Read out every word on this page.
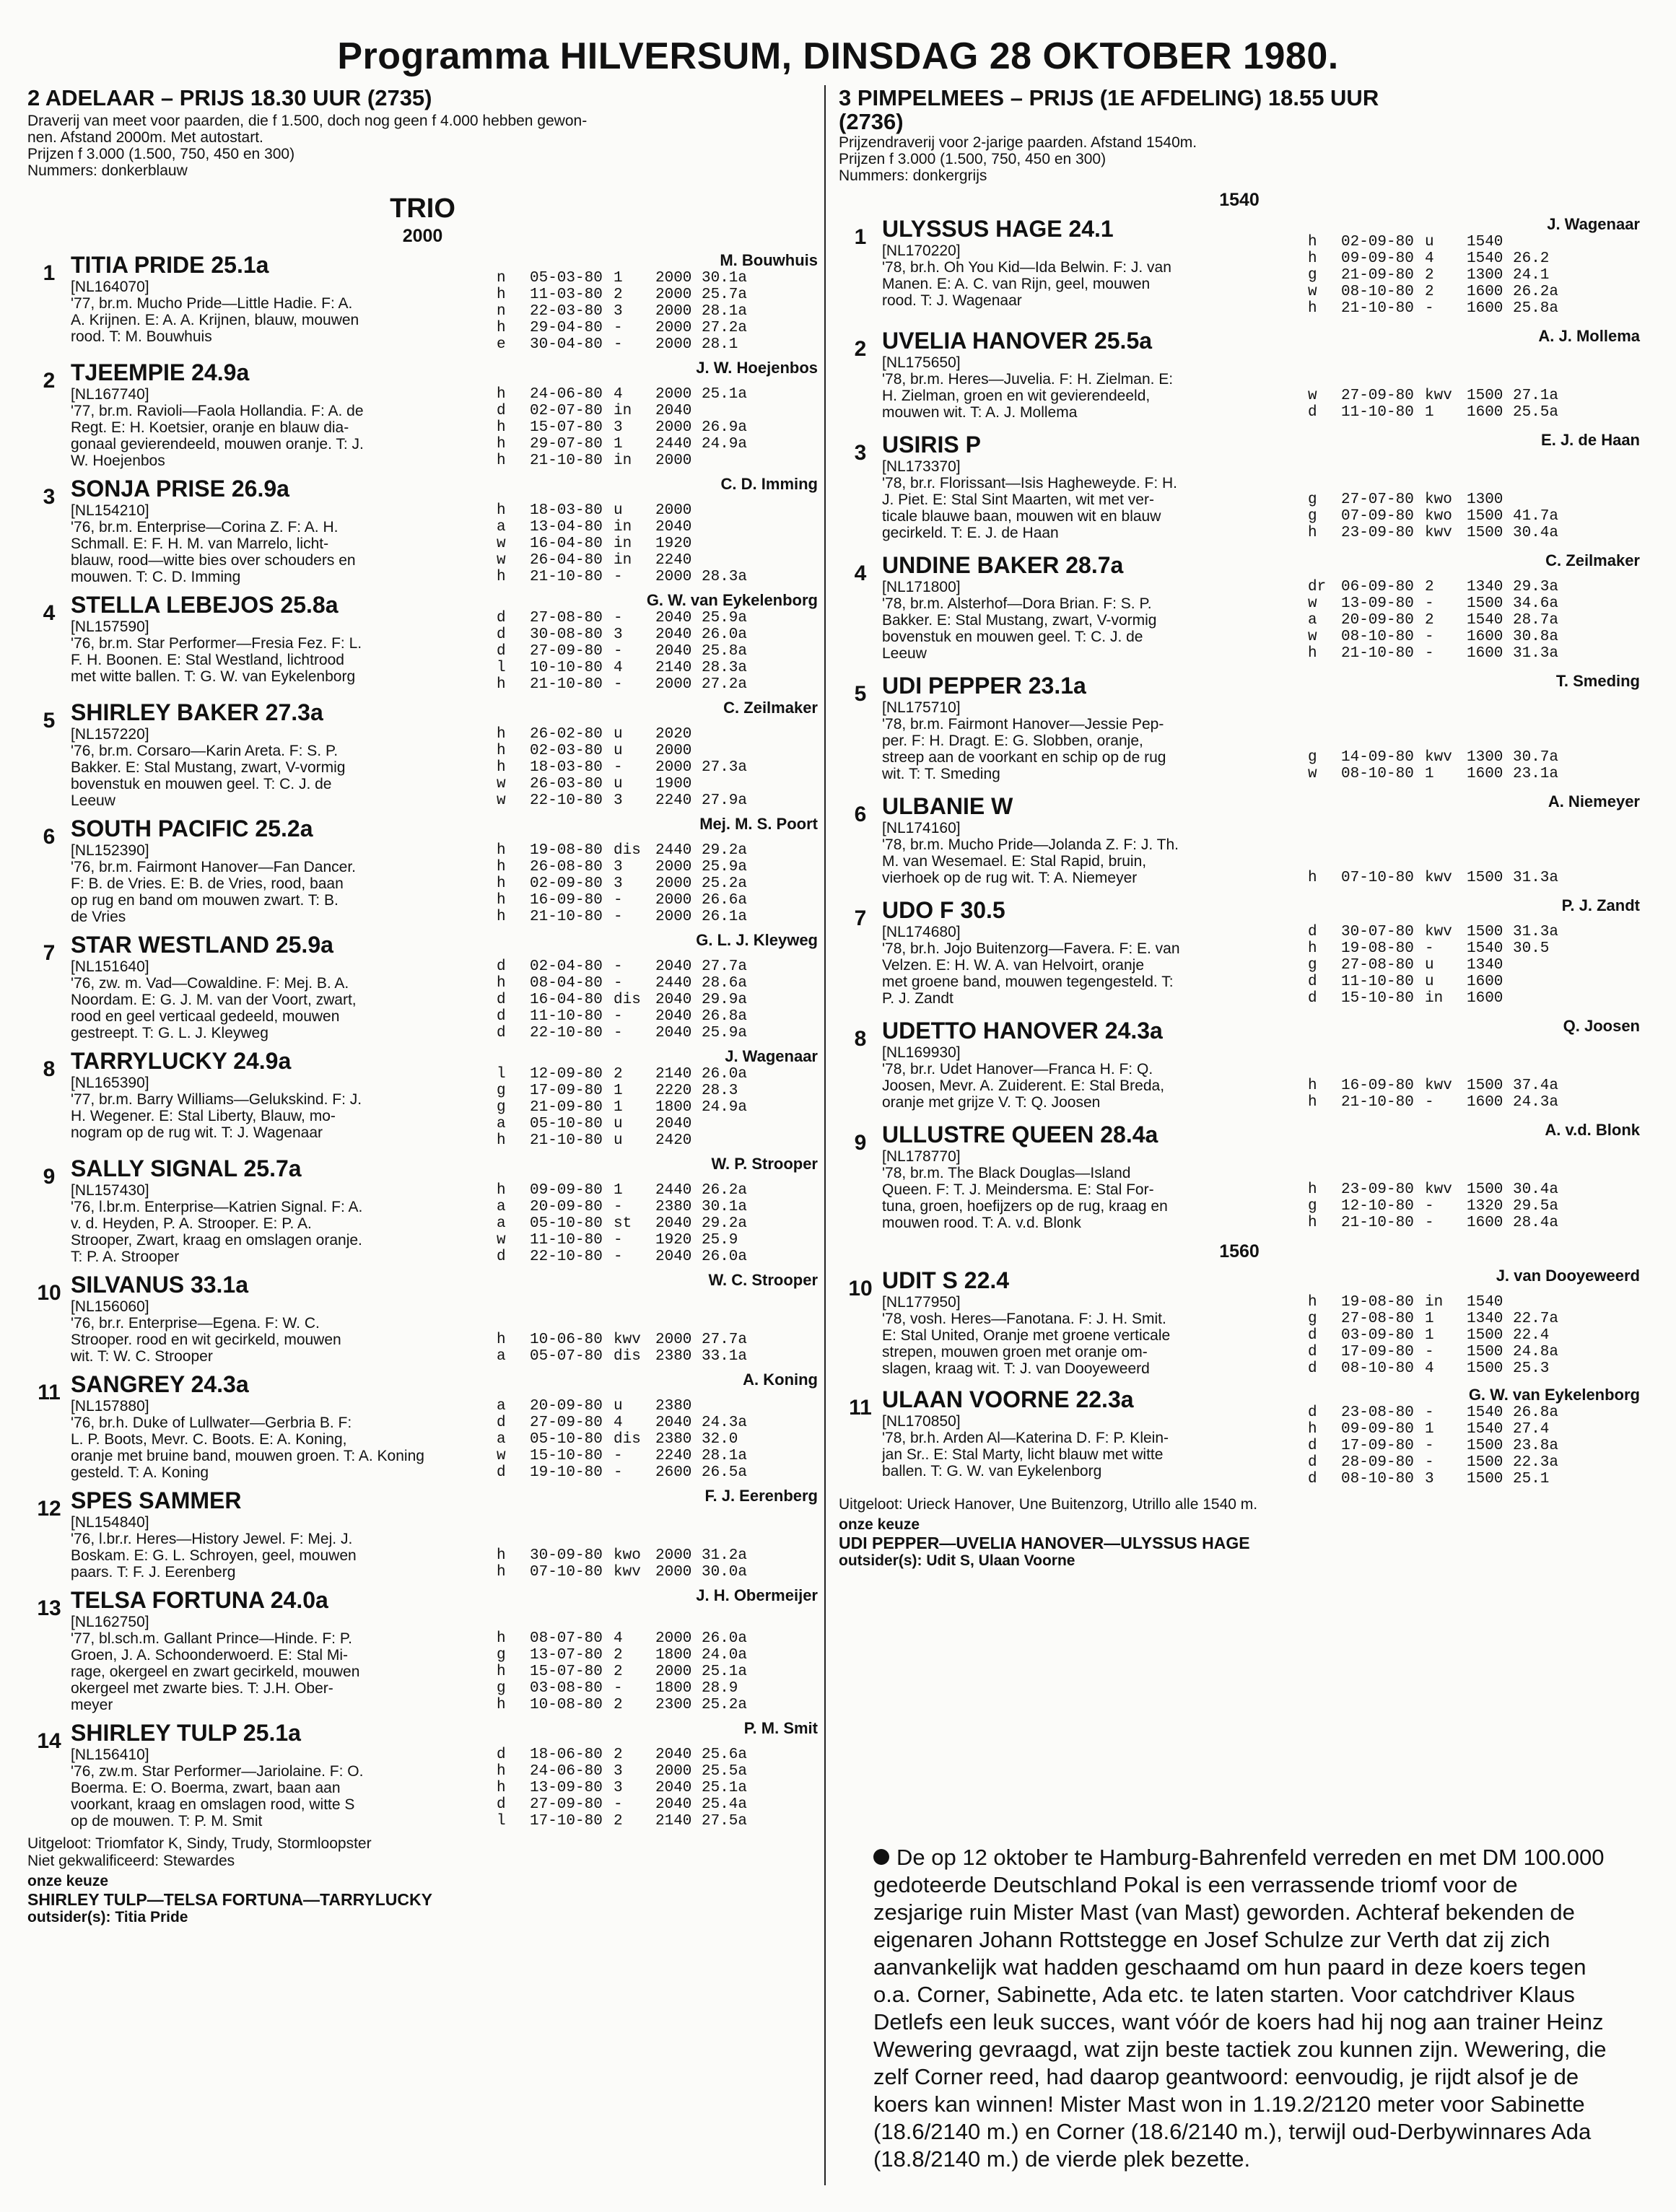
Programma HILVERSUM, DINSDAG 28 OKTOBER 1980.
2 ADELAAR – PRIJS 18.30 UUR (2735)
Draverij van meet voor paarden, die f 1.500, doch nog geen f 4.000 hebben gewon-
nen. Afstand 2000m. Met autostart.
Prijzen f 3.000 (1.500, 750, 450 en 300)
Nummers: donkerblauw
TRIO
2000
1 TITIA PRIDE 25.1a
[NL164070]
'77, br.m. Mucho Pride—Little Hadie. F: A.
A. Krijnen. E: A. A. Krijnen, blauw, mouwen
rood. T: M. Bouwhuis
M. Bouwhuis
n	05-03-80	1	2000	30.1a
h	11-03-80	2	2000	25.7a
n	22-03-80	3	2000	28.1a
h	29-04-80	-	2000	27.2a
e	30-04-80	-	2000	28.1
2 TJEEMPIE 24.9a
[NL167740]
'77, br.m. Ravioli—Faola Hollandia. F: A. de
Regt. E: H. Koetsier, oranje en blauw dia-
gonaal gevierendeeld, mouwen oranje. T: J.
W. Hoejenbos
J. W. Hoejenbos
h	24-06-80	4	2000	25.1a
d	02-07-80	in	2040	
h	15-07-80	3	2000	26.9a
h	29-07-80	1	2440	24.9a
h	21-10-80	in	2000	
3 SONJA PRISE 26.9a
[NL154210]
'76, br.m. Enterprise—Corina Z. F: A. H.
Schmall. E: F. H. M. van Marrelo, licht-
blauw, rood—witte bies over schouders en
mouwen. T: C. D. Imming
C. D. Imming
h	18-03-80	u	2000	
a	13-04-80	in	2040	
w	16-04-80	in	1920	
w	26-04-80	in	2240	
h	21-10-80	-	2000	28.3a
4 STELLA LEBEJOS 25.8a
[NL157590]
'76, br.m. Star Performer—Fresia Fez. F: L.
F. H. Boonen. E: Stal Westland, lichtrood
met witte ballen. T: G. W. van Eykelenborg
G. W. van Eykelenborg
d	27-08-80	-	2040	25.9a
d	30-08-80	3	2040	26.0a
d	27-09-80	-	2040	25.8a
l	10-10-80	4	2140	28.3a
h	21-10-80	-	2000	27.2a
5 SHIRLEY BAKER 27.3a
[NL157220]
'76, br.m. Corsaro—Karin Areta. F: S. P.
Bakker. E: Stal Mustang, zwart, V-vormig
bovenstuk en mouwen geel. T: C. J. de
Leeuw
C. Zeilmaker
h	26-02-80	u	2020	
h	02-03-80	u	2000	
h	18-03-80	-	2000	27.3a
w	26-03-80	u	1900	
w	22-10-80	3	2240	27.9a
6 SOUTH PACIFIC 25.2a
[NL152390]
'76, br.m. Fairmont Hanover—Fan Dancer.
F: B. de Vries. E: B. de Vries, rood, baan
op rug en band om mouwen zwart. T: B.
de Vries
Mej. M. S. Poort
h	19-08-80	dis	2440	29.2a
h	26-08-80	3	2000	25.9a
h	02-09-80	3	2000	25.2a
h	16-09-80	-	2000	26.6a
h	21-10-80	-	2000	26.1a
7 STAR WESTLAND 25.9a
[NL151640]
'76, zw. m. Vad—Cowaldine. F: Mej. B. A.
Noordam. E: G. J. M. van der Voort, zwart,
rood en geel verticaal gedeeld, mouwen
gestreept. T: G. L. J. Kleyweg
G. L. J. Kleyweg
d	02-04-80	-	2040	27.7a
h	08-04-80	-	2440	28.6a
d	16-04-80	dis	2040	29.9a
d	11-10-80	-	2040	26.8a
d	22-10-80	-	2040	25.9a
8 TARRYLUCKY 24.9a
[NL165390]
'77, br.m. Barry Williams—Gelukskind. F: J.
H. Wegener. E: Stal Liberty, Blauw, mo-
nogram op de rug wit. T: J. Wagenaar
J. Wagenaar
l	12-09-80	2	2140	26.0a
g	17-09-80	1	2220	28.3
g	21-09-80	1	1800	24.9a
a	05-10-80	u	2040	
h	21-10-80	u	2420	
9 SALLY SIGNAL 25.7a
[NL157430]
'76, l.br.m. Enterprise—Katrien Signal. F: A.
v. d. Heyden, P. A. Strooper. E: P. A.
Strooper, Zwart, kraag en omslagen oranje.
T: P. A. Strooper
W. P. Strooper
h	09-09-80	1	2440	26.2a
a	20-09-80	-	2380	30.1a
a	05-10-80	st	2040	29.2a
w	11-10-80	-	1920	25.9
d	22-10-80	-	2040	26.0a
10 SILVANUS 33.1a
[NL156060]
'76, br.r. Enterprise—Egena. F: W. C.
Strooper. rood en wit gecirkeld, mouwen
wit. T: W. C. Strooper
W. C. Strooper
h	10-06-80	kwv	2000	27.7a
a	05-07-80	dis	2380	33.1a
11 SANGREY 24.3a
[NL157880]
'76, br.h. Duke of Lullwater—Gerbria B. F:
L. P. Boots, Mevr. C. Boots. E: A. Koning,
oranje met bruine band, mouwen groen. T: A. Koning
gesteld. T: A. Koning
A. Koning
a	20-09-80	u	2380	
d	27-09-80	4	2040	24.3a
a	05-10-80	dis	2380	32.0
w	15-10-80	-	2240	28.1a
d	19-10-80	-	2600	26.5a
12 SPES SAMMER
[NL154840]
'76, l.br.r. Heres—History Jewel. F: Mej. J.
Boskam. E: G. L. Schroyen, geel, mouwen
paars. T: F. J. Eerenberg
F. J. Eerenberg
h	30-09-80	kwo	2000	31.2a
h	07-10-80	kwv	2000	30.0a
13 TELSA FORTUNA 24.0a
[NL162750]
'77, bl.sch.m. Gallant Prince—Hinde. F: P.
Groen, J. A. Schoonderwoerd. E: Stal Mi-
rage, okergeel en zwart gecirkeld, mouwen
okergeel met zwarte bies. T: J.H. Ober-
meyer
J. H. Obermeijer
h	08-07-80	4	2000	26.0a
g	13-07-80	2	1800	24.0a
h	15-07-80	2	2000	25.1a
g	03-08-80	-	1800	28.9
h	10-08-80	2	2300	25.2a
14 SHIRLEY TULP 25.1a
[NL156410]
'76, zw.m. Star Performer—Jariolaine. F: O.
Boerma. E: O. Boerma, zwart, baan aan
voorkant, kraag en omslagen rood, witte S
op de mouwen. T: P. M. Smit
P. M. Smit
d	18-06-80	2	2040	25.6a
h	24-06-80	3	2000	25.5a
h	13-09-80	3	2040	25.1a
d	27-09-80	-	2040	25.4a
l	17-10-80	2	2140	27.5a
Uitgeloot: Triomfator K, Sindy, Trudy, Stormloopster
Niet gekwalificeerd: Stewardes
onze keuze
SHIRLEY TULP—TELSA FORTUNA—TARRYLUCKY
outsider(s): Titia Pride
3 PIMPELMEES – PRIJS (1E AFDELING) 18.55 UUR
(2736)
Prijzendraverij voor 2-jarige paarden. Afstand 1540m.
Prijzen f 3.000 (1.500, 750, 450 en 300)
Nummers: donkergrijs
1540
1 ULYSSUS HAGE 24.1
[NL170220]
'78, br.h. Oh You Kid—Ida Belwin. F: J. van
Manen. E: A. C. van Rijn, geel, mouwen
rood. T: J. Wagenaar
J. Wagenaar
h	02-09-80	u	1540	
h	09-09-80	4	1540	26.2
g	21-09-80	2	1300	24.1
w	08-10-80	2	1600	26.2a
h	21-10-80	-	1600	25.8a
2 UVELIA HANOVER 25.5a
[NL175650]
'78, br.m. Heres—Juvelia. F: H. Zielman. E:
H. Zielman, groen en wit gevierendeeld,
mouwen wit. T: A. J. Mollema
A. J. Mollema
w	27-09-80	kwv	1500	27.1a
d	11-10-80	1	1600	25.5a
3 USIRIS P
[NL173370]
'78, br.r. Florissant—Isis Hagheweyde. F: H.
J. Piet. E: Stal Sint Maarten, wit met ver-
ticale blauwe baan, mouwen wit en blauw
gecirkeld. T: E. J. de Haan
E. J. de Haan
g	27-07-80	kwo	1300	
g	07-09-80	kwo	1500	41.7a
h	23-09-80	kwv	1500	30.4a
4 UNDINE BAKER 28.7a
[NL171800]
'78, br.m. Alsterhof—Dora Brian. F: S. P.
Bakker. E: Stal Mustang, zwart, V-vormig
bovenstuk en mouwen geel. T: C. J. de
Leeuw
C. Zeilmaker
dr	06-09-80	2	1340	29.3a
w	13-09-80	-	1500	34.6a
a	20-09-80	2	1540	28.7a
w	08-10-80	-	1600	30.8a
h	21-10-80	-	1600	31.3a
5 UDI PEPPER 23.1a
[NL175710]
'78, br.m. Fairmont Hanover—Jessie Pep-
per. F: H. Dragt. E: G. Slobben, oranje,
streep aan de voorkant en schip op de rug
wit. T: T. Smeding
T. Smeding
g	14-09-80	kwv	1300	30.7a
w	08-10-80	1	1600	23.1a
6 ULBANIE W
[NL174160]
'78, br.m. Mucho Pride—Jolanda Z. F: J. Th.
M. van Wesemael. E: Stal Rapid, bruin,
vierhoek op de rug wit. T: A. Niemeyer
A. Niemeyer
h	07-10-80	kwv	1500	31.3a
7 UDO F 30.5
[NL174680]
'78, br.h. Jojo Buitenzorg—Favera. F: E. van
Velzen. E: H. W. A. van Helvoirt, oranje
met groene band, mouwen tegengesteld. T:
P. J. Zandt
P. J. Zandt
d	30-07-80	kwv	1500	31.3a
h	19-08-80	-	1540	30.5
g	27-08-80	u	1340	
d	11-10-80	u	1600	
d	15-10-80	in	1600	
8 UDETTO HANOVER 24.3a
[NL169930]
'78, br.r. Udet Hanover—Franca H. F: Q.
Joosen, Mevr. A. Zuiderent. E: Stal Breda,
oranje met grijze V. T: Q. Joosen
Q. Joosen
h	16-09-80	kwv	1500	37.4a
h	21-10-80	-	1600	24.3a
9 ULLUSTRE QUEEN 28.4a
[NL178770]
'78, br.m. The Black Douglas—Island
Queen. F: T. J. Meindersma. E: Stal For-
tuna, groen, hoefijzers op de rug, kraag en
mouwen rood. T: A. v.d. Blonk
A. v.d. Blonk
h	23-09-80	kwv	1500	30.4a
g	12-10-80	-	1320	29.5a
h	21-10-80	-	1600	28.4a
1560
10 UDIT S 22.4
[NL177950]
'78, vosh. Heres—Fanotana. F: J. H. Smit.
E: Stal United, Oranje met groene verticale
strepen, mouwen groen met oranje om-
slagen, kraag wit. T: J. van Dooyeweerd
J. van Dooyeweerd
h	19-08-80	in	1540	
g	27-08-80	1	1340	22.7a
d	03-09-80	1	1500	22.4
d	17-09-80	-	1500	24.8a
d	08-10-80	4	1500	25.3
11 ULAAN VOORNE 22.3a
[NL170850]
'78, br.h. Arden Al—Katerina D. F: P. Klein-
jan Sr.. E: Stal Marty, licht blauw met witte
ballen. T: G. W. van Eykelenborg
G. W. van Eykelenborg
d	23-08-80	-	1540	26.8a
h	09-09-80	1	1540	27.4
d	17-09-80	-	1500	23.8a
d	28-09-80	-	1500	22.3a
d	08-10-80	3	1500	25.1
Uitgeloot: Urieck Hanover, Une Buitenzorg, Utrillo alle 1540 m.
onze keuze
UDI PEPPER—UVELIA HANOVER—ULYSSUS HAGE
outsider(s): Udit S, Ulaan Voorne
De op 12 oktober te Hamburg-Bahrenfeld verreden en met DM 100.000 gedoteerde Deutschland Pokal is een verrassende triomf voor de zesjarige ruin Mister Mast (van Mast) geworden. Achteraf bekenden de eigenaren Johann Rottstegge en Josef Schulze zur Verth dat zij zich aanvankelijk wat hadden geschaamd om hun paard in deze koers tegen o.a. Corner, Sabinette, Ada etc. te laten starten. Voor catchdriver Klaus Detlefs een leuk succes, want vóór de koers had hij nog aan trainer Heinz Wewering gevraagd, wat zijn beste tactiek zou kunnen zijn. Wewering, die zelf Corner reed, had daarop geantwoord: eenvoudig, je rijdt alsof je de koers kan winnen! Mister Mast won in 1.19.2/2120 meter voor Sabinette (18.6/2140 m.) en Corner (18.6/2140 m.), terwijl oud-Derbywinnares Ada (18.8/2140 m.) de vierde plek bezette.
